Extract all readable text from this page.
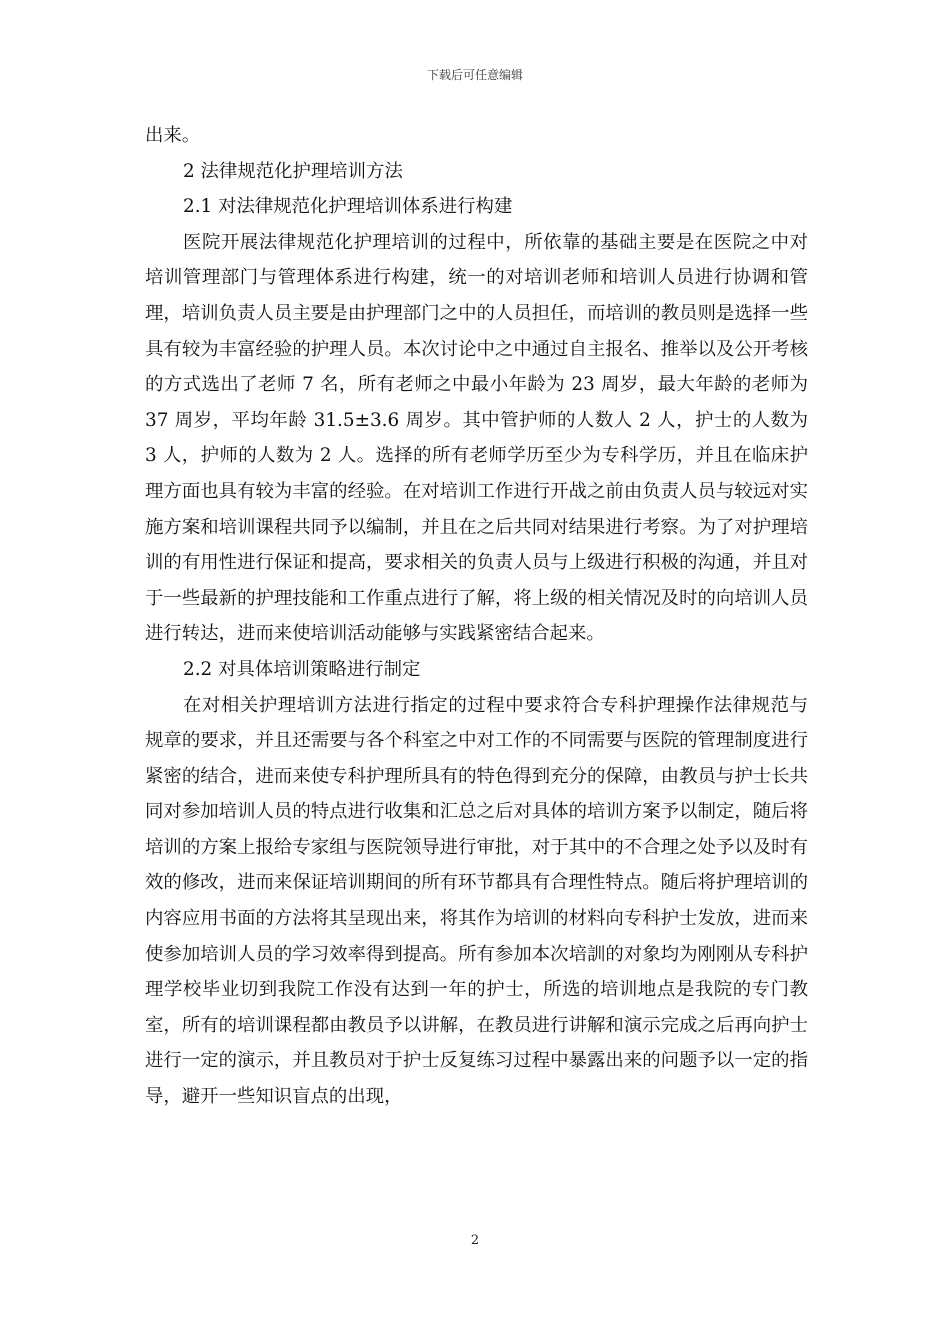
下载后可任意编辑

出来。

2 法律规范化护理培训方法

2.1 对法律规范化护理培训体系进行构建

医院开展法律规范化护理培训的过程中，所依靠的基础主要是在医院之中对培训管理部门与管理体系进行构建，统一的对培训老师和培训人员进行协调和管理，培训负责人员主要是由护理部门之中的人员担任，而培训的教员则是选择一些具有较为丰富经验的护理人员。本次讨论中之中通过自主报名、推举以及公开考核的方式选出了老师 7 名，所有老师之中最小年龄为 23 周岁，最大年龄的老师为 37 周岁，平均年龄 31.5±3.6 周岁。其中管护师的人数人 2 人，护士的人数为 3 人，护师的人数为 2 人。选择的所有老师学历至少为专科学历，并且在临床护理方面也具有较为丰富的经验。在对培训工作进行开战之前由负责人员与较远对实施方案和培训课程共同予以编制，并且在之后共同对结果进行考察。为了对护理培训的有用性进行保证和提高，要求相关的负责人员与上级进行积极的沟通，并且对于一些最新的护理技能和工作重点进行了解，将上级的相关情况及时的向培训人员进行转达，进而来使培训活动能够与实践紧密结合起来。

2.2 对具体培训策略进行制定

在对相关护理培训方法进行指定的过程中要求符合专科护理操作法律规范与规章的要求，并且还需要与各个科室之中对工作的不同需要与医院的管理制度进行紧密的结合，进而来使专科护理所具有的特色得到充分的保障，由教员与护士长共同对参加培训人员的特点进行收集和汇总之后对具体的培训方案予以制定，随后将培训的方案上报给专家组与医院领导进行审批，对于其中的不合理之处予以及时有效的修改，进而来保证培训期间的所有环节都具有合理性特点。随后将护理培训的内容应用书面的方法将其呈现出来，将其作为培训的材料向专科护士发放，进而来使参加培训人员的学习效率得到提高。所有参加本次培訓的对象均为刚刚从专科护理学校毕业切到我院工作没有达到一年的护士，所选的培训地点是我院的专门教室，所有的培训课程都由教员予以讲解，在教员进行讲解和演示完成之后再向护士进行一定的演示，并且教员对于护士反复练习过程中暴露出来的问题予以一定的指导，避开一些知识盲点的出现，

2
